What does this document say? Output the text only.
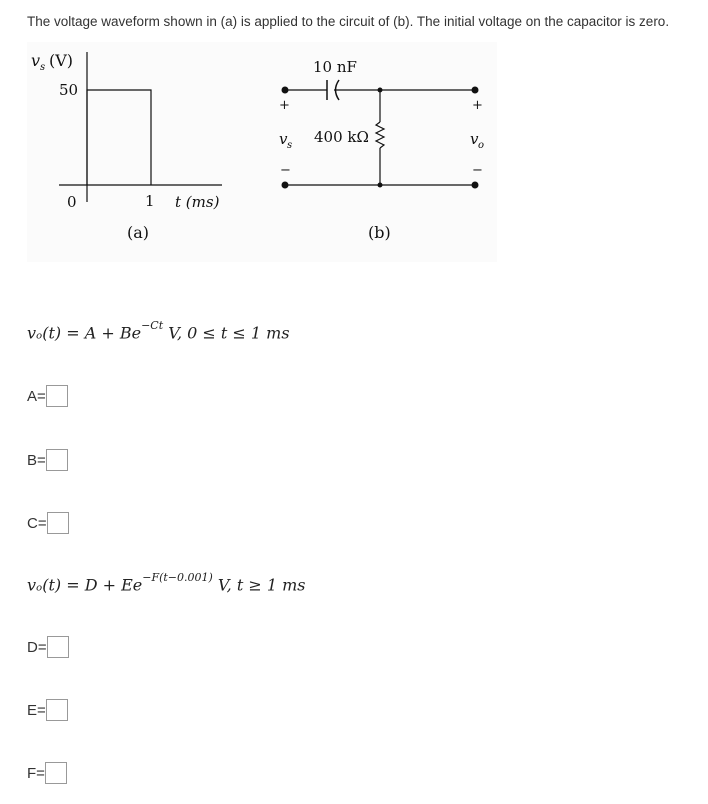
The voltage waveform shown in (a) is applied to the circuit of (b). The initial voltage on the capacitor is zero.
v s (V)
50
0	1 t (ms)
(a)
10 nF
400 kΩ
+
−
v s
+
−
v o
(b)
$v_o(t) = A + Be^{-Ct}$ V, 0 ≤ t ≤ 1 ms
A=
B=
C=
$v_o(t) = D + Ee^{-F(t-0.001)}$ V, t ≥ 1 ms
D=
E=
F=
